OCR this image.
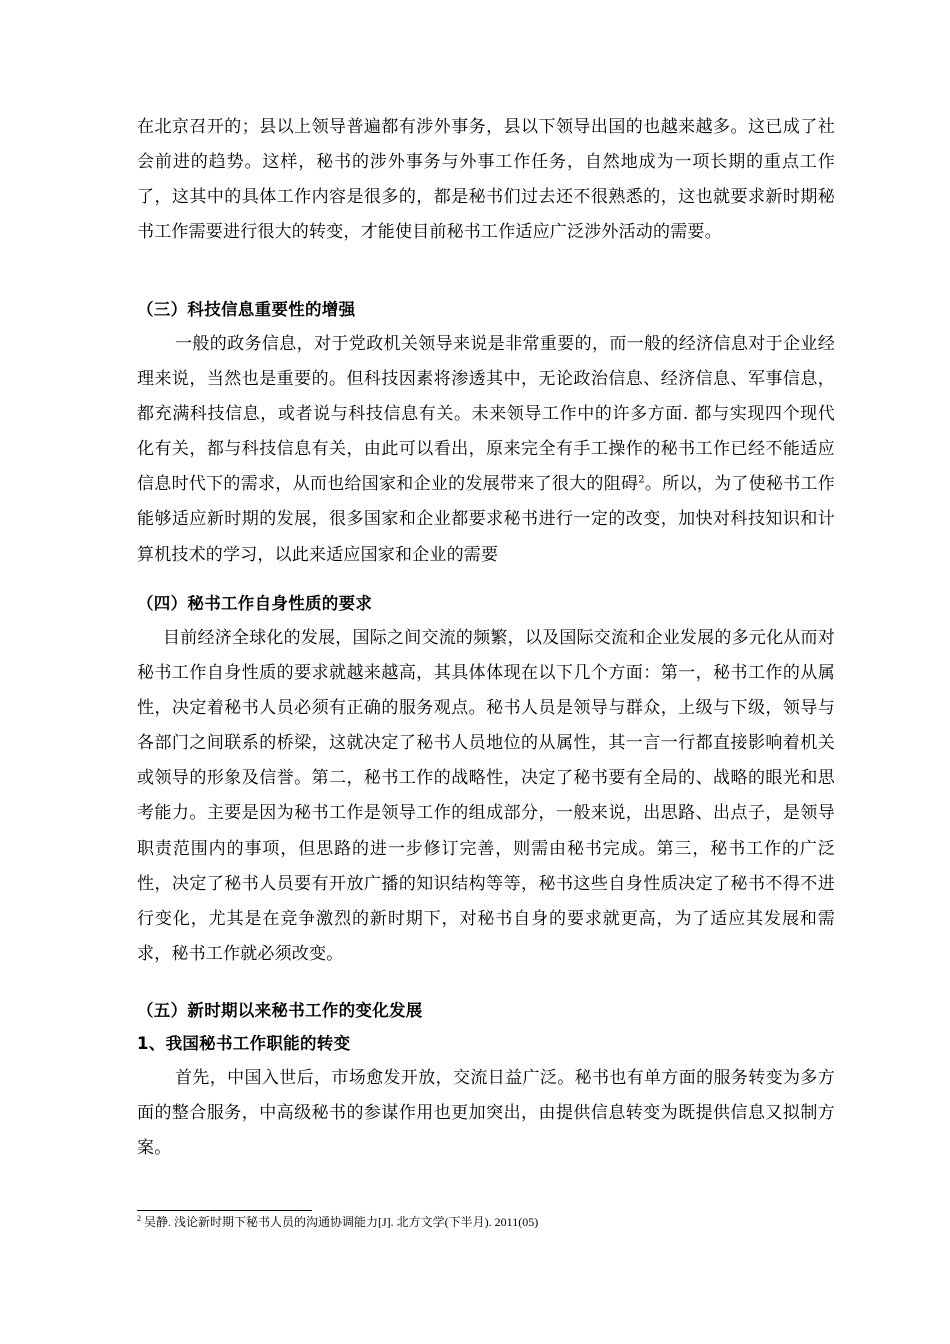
在北京召开的；县以上领导普遍都有涉外事务，县以下领导出国的也越来越多。这已成了社会前进的趋势。这样，秘书的涉外事务与外事工作任务，自然地成为一项长期的重点工作了，这其中的具体工作内容是很多的，都是秘书们过去还不很熟悉的，这也就要求新时期秘书工作需要进行很大的转变，才能使目前秘书工作适应广泛涉外活动的需要。

（三）科技信息重要性的增强

一般的政务信息，对于党政机关领导来说是非常重要的，而一般的经济信息对于企业经理来说，当然也是重要的。但科技因素将渗透其中，无论政治信息、经济信息、军事信息，都充满科技信息，或者说与科技信息有关。未来领导工作中的许多方面. 都与实现四个现代化有关，都与科技信息有关，由此可以看出，原来完全有手工操作的秘书工作已经不能适应信息时代下的需求，从而也给国家和企业的发展带来了很大的阻碍$^2$。所以，为了使秘书工作能够适应新时期的发展，很多国家和企业都要求秘书进行一定的改变，加快对科技知识和计算机技术的学习，以此来适应国家和企业的需要

（四）秘书工作自身性质的要求

目前经济全球化的发展，国际之间交流的频繁，以及国际交流和企业发展的多元化从而对秘书工作自身性质的要求就越来越高，其具体体现在以下几个方面：第一，秘书工作的从属性，决定着秘书人员必须有正确的服务观点。秘书人员是领导与群众，上级与下级，领导与各部门之间联系的桥梁，这就决定了秘书人员地位的从属性，其一言一行都直接影响着机关或领导的形象及信誉。第二，秘书工作的战略性，决定了秘书要有全局的、战略的眼光和思考能力。主要是因为秘书工作是领导工作的组成部分，一般来说，出思路、出点子，是领导职责范围内的事项，但思路的进一步修订完善，则需由秘书完成。第三，秘书工作的广泛性，决定了秘书人员要有开放广播的知识结构等等，秘书这些自身性质决定了秘书不得不进行变化，尤其是在竞争激烈的新时期下，对秘书自身的要求就更高，为了适应其发展和需求，秘书工作就必须改变。

（五）新时期以来秘书工作的变化发展
1、我国秘书工作职能的转变

首先，中国入世后，市场愈发开放，交流日益广泛。秘书也有单方面的服务转变为多方面的整合服务，中高级秘书的参谋作用也更加突出，由提供信息转变为既提供信息又拟制方案。

$^2$ 吴静. 浅论新时期下秘书人员的沟通协调能力[J]. 北方文学(下半月). 2011(05)
